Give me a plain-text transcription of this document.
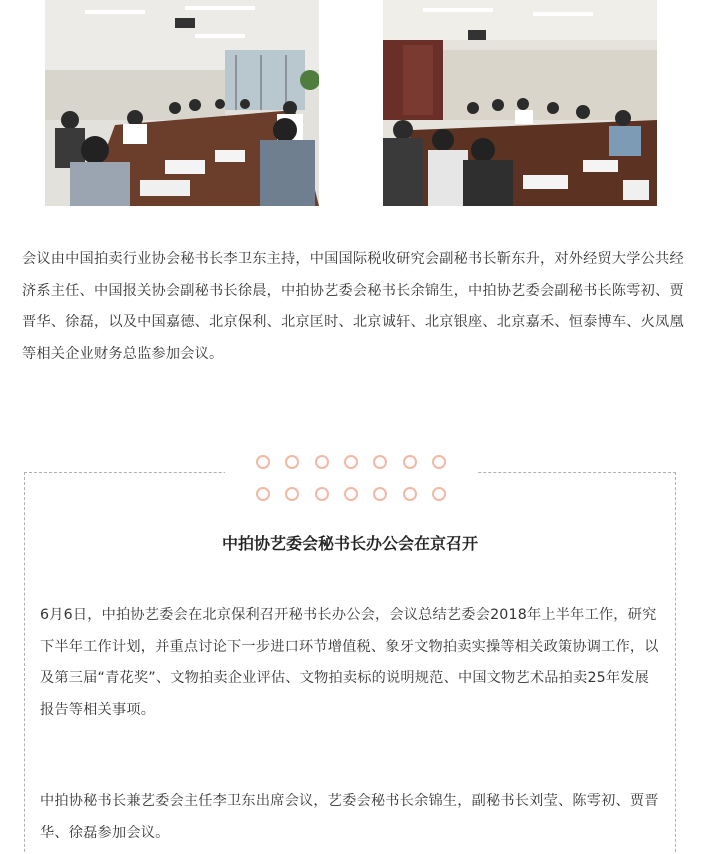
会议由中国拍卖行业协会秘书长李卫东主持，中国国际税收研究会副秘书长靳东升，对外经贸大学公共经济系主任、中国报关协会副秘书长徐晨，中拍协艺委会秘书长余锦生，中拍协艺委会副秘书长陈雩初、贾晋华、徐磊，以及中国嘉德、北京保利、北京匡时、北京诚轩、北京银座、北京嘉禾、恒泰博车、火凤凰等相关企业财务总监参加会议。

中拍协艺委会秘书长办公会在京召开

6月6日，中拍协艺委会在北京保利召开秘书长办公会，会议总结艺委会2018年上半年工作，研究下半年工作计划，并重点讨论下一步进口环节增值税、象牙文物拍卖实操等相关政策协调工作，以及第三届“青花奖”、文物拍卖企业评估、文物拍卖标的说明规范、中国文物艺术品拍卖25年发展报告等相关事项。

中拍协秘书长兼艺委会主任李卫东出席会议，艺委会秘书长余锦生，副秘书长刘莹、陈雩初、贾晋华、徐磊参加会议。
